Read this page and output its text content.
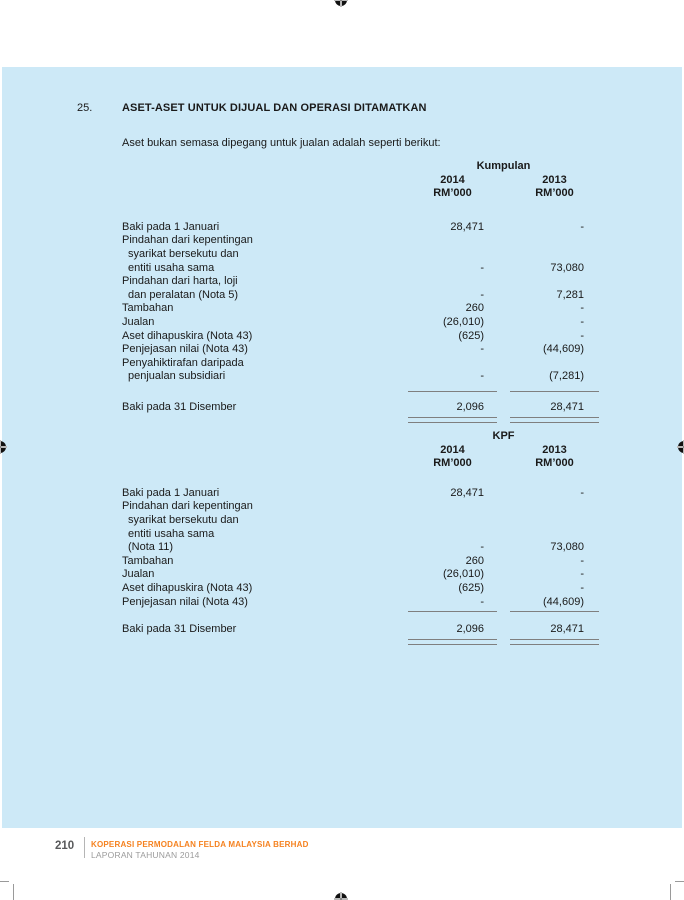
25.	ASET-ASET UNTUK DIJUAL DAN OPERASI DITAMATKAN
Aset bukan semasa dipegang untuk jualan adalah seperti berikut:
Kumpulan
2014	2013
RM’000	RM’000
Baki pada 1 Januari	28,471	-
Pindahan dari kepentingan
syarikat bersekutu dan
entiti usaha sama	-	73,080
Pindahan dari harta, loji
dan peralatan (Nota 5)	-	7,281
Tambahan	260	-
Jualan	(26,010)	-
Aset dihapuskira (Nota 43)	(625)	-
Penjejasan nilai (Nota 43)	-	(44,609)
Penyahiktirafan daripada
penjualan subsidiari	-	(7,281)
Baki pada 31 Disember	2,096	28,471
KPF
2014	2013
RM’000	RM’000
Baki pada 1 Januari	28,471	-
Pindahan dari kepentingan
syarikat bersekutu dan
entiti usaha sama
(Nota 11)	-	73,080
Tambahan	260	-
Jualan	(26,010)	-
Aset dihapuskira (Nota 43)	(625)	-
Penjejasan nilai (Nota 43)	-	(44,609)
Baki pada 31 Disember	2,096	28,471
210 KOPERASI PERMODALAN FELDA MALAYSIA BERHAD
LAPORAN TAHUNAN 2014
